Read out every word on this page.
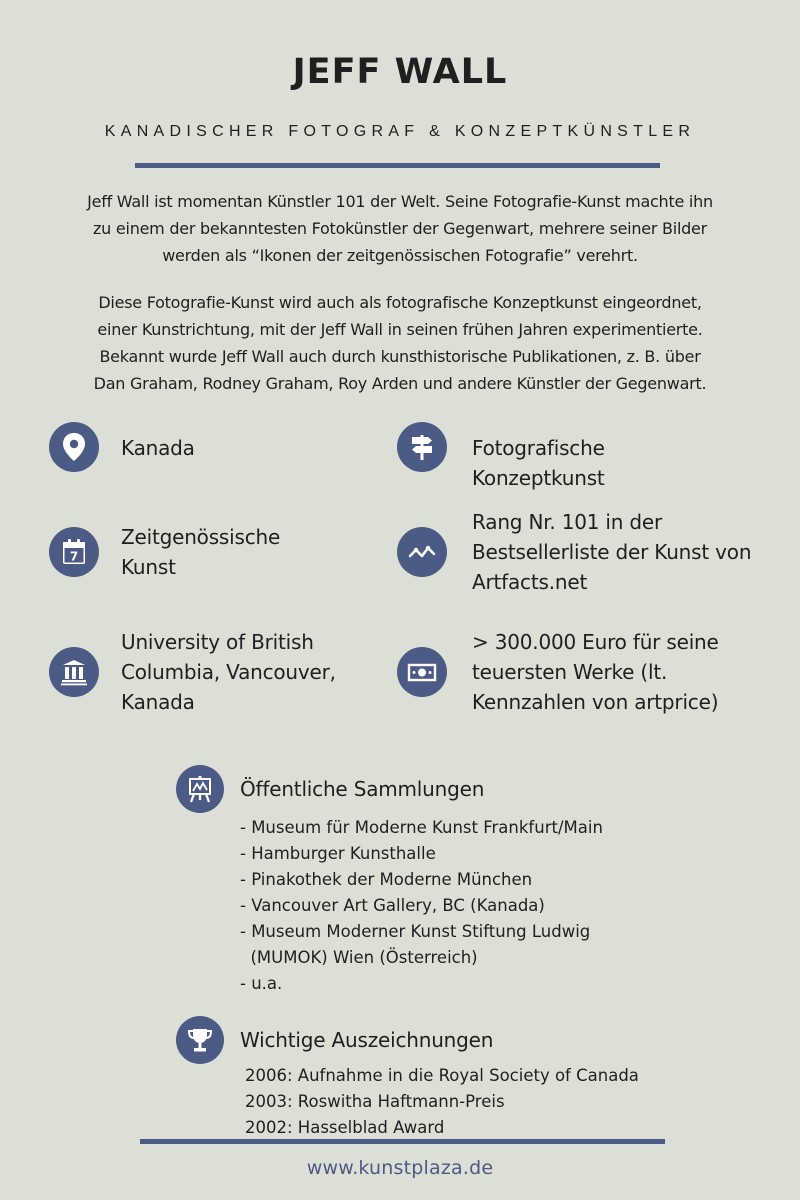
JEFF WALL
KANADISCHER FOTOGRAF & KONZEPTKÜNSTLER
Jeff Wall ist momentan Künstler 101 der Welt. Seine Fotografie-Kunst machte ihn
zu einem der bekanntesten Fotokünstler der Gegenwart, mehrere seiner Bilder
werden als “Ikonen der zeitgenössischen Fotografie” verehrt.
Diese Fotografie-Kunst wird auch als fotografische Konzeptkunst eingeordnet,
einer Kunstrichtung, mit der Jeff Wall in seinen frühen Jahren experimentierte.
Bekannt wurde Jeff Wall auch durch kunsthistorische Publikationen, z. B. über
Dan Graham, Rodney Graham, Roy Arden und andere Künstler der Gegenwart.
Kanada	Fotografische
Konzeptkunst
7
Zeitgenössische
Kunst
Rang Nr. 101 in der
Bestsellerliste der Kunst von
Artfacts.net
University of British
Columbia, Vancouver,
Kanada
> 300.000 Euro für seine
teuersten Werke (lt.
Kennzahlen von artprice)
Öffentliche Sammlungen
- Museum für Moderne Kunst Frankfurt/Main
- Hamburger Kunsthalle
- Pinakothek der Moderne München
- Vancouver Art Gallery, BC (Kanada)
- Museum Moderner Kunst Stiftung Ludwig
(MUMOK) Wien (Österreich)
- u.a.
Wichtige Auszeichnungen
2006: Aufnahme in die Royal Society of Canada
2003: Roswitha Haftmann-Preis
2002: Hasselblad Award
www.kunstplaza.de
